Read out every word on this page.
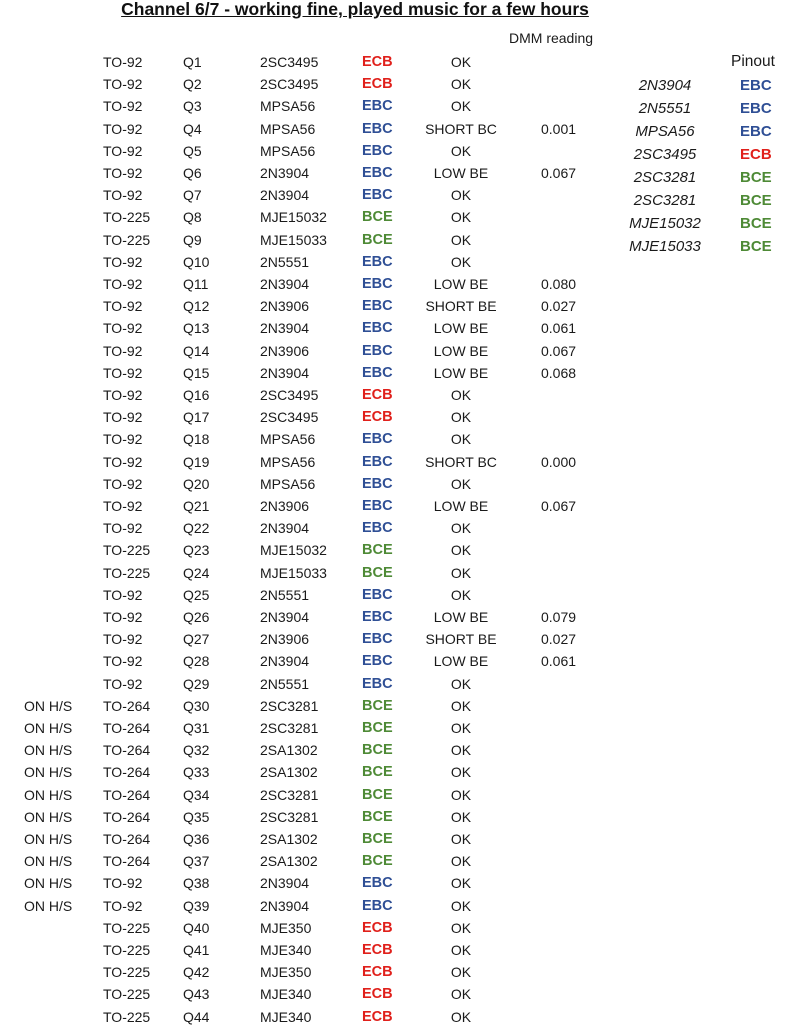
Channel 6/7 - working fine, played music for a few hours
DMM reading
Pinout
TO-92	Q1	2SC3495	ECB	OK
TO-92	Q2	2SC3495	ECB	OK
TO-92	Q3	MPSA56	EBC	OK
TO-92	Q4	MPSA56	EBC	SHORT BC	0.001
TO-92	Q5	MPSA56	EBC	OK
TO-92	Q6	2N3904	EBC	LOW BE	0.067
TO-92	Q7	2N3904	EBC	OK
TO-225 Q8	MJE15032 BCE	OK
TO-225 Q9	MJE15033 BCE	OK
TO-92	Q10	2N5551	EBC	OK
TO-92	Q11	2N3904	EBC	LOW BE	0.080
TO-92	Q12	2N3906	EBC	SHORT BE	0.027
TO-92	Q13	2N3904	EBC	LOW BE	0.061
TO-92	Q14	2N3906	EBC	LOW BE	0.067
TO-92	Q15	2N3904	EBC	LOW BE	0.068
TO-92	Q16	2SC3495	ECB	OK
TO-92	Q17	2SC3495	ECB	OK
TO-92	Q18	MPSA56	EBC	OK
TO-92	Q19	MPSA56	EBC	SHORT BC	0.000
TO-92	Q20	MPSA56	EBC	OK
TO-92	Q21	2N3906	EBC	LOW BE	0.067
TO-92	Q22	2N3904	EBC	OK
TO-225 Q23	MJE15032 BCE	OK
TO-225 Q24	MJE15033 BCE	OK
TO-92	Q25	2N5551	EBC	OK
TO-92	Q26	2N3904	EBC	LOW BE	0.079
TO-92	Q27	2N3906	EBC	SHORT BE	0.027
TO-92	Q28	2N3904	EBC	LOW BE	0.061
TO-92	Q29	2N5551	EBC	OK
ON H/S TO-264 Q30	2SC3281	BCE	OK
ON H/S TO-264 Q31	2SC3281	BCE	OK
ON H/S TO-264 Q32	2SA1302	BCE	OK
ON H/S TO-264 Q33	2SA1302	BCE	OK
ON H/S TO-264 Q34	2SC3281	BCE	OK
ON H/S TO-264 Q35	2SC3281	BCE	OK
ON H/S TO-264 Q36	2SA1302	BCE	OK
ON H/S TO-264 Q37	2SA1302	BCE	OK
ON H/S TO-92	Q38	2N3904	EBC	OK
ON H/S TO-92	Q39	2N3904	EBC	OK
TO-225 Q40	MJE350	ECB	OK
TO-225 Q41	MJE340	ECB	OK
TO-225 Q42	MJE350	ECB	OK
TO-225 Q43	MJE340	ECB	OK
TO-225 Q44	MJE340	ECB	OK
2N3904	EBC
2N5551	EBC
MPSA56	EBC
2SC3495	ECB
2SC3281	BCE
2SC3281	BCE
MJE15032	BCE
MJE15033	BCE
